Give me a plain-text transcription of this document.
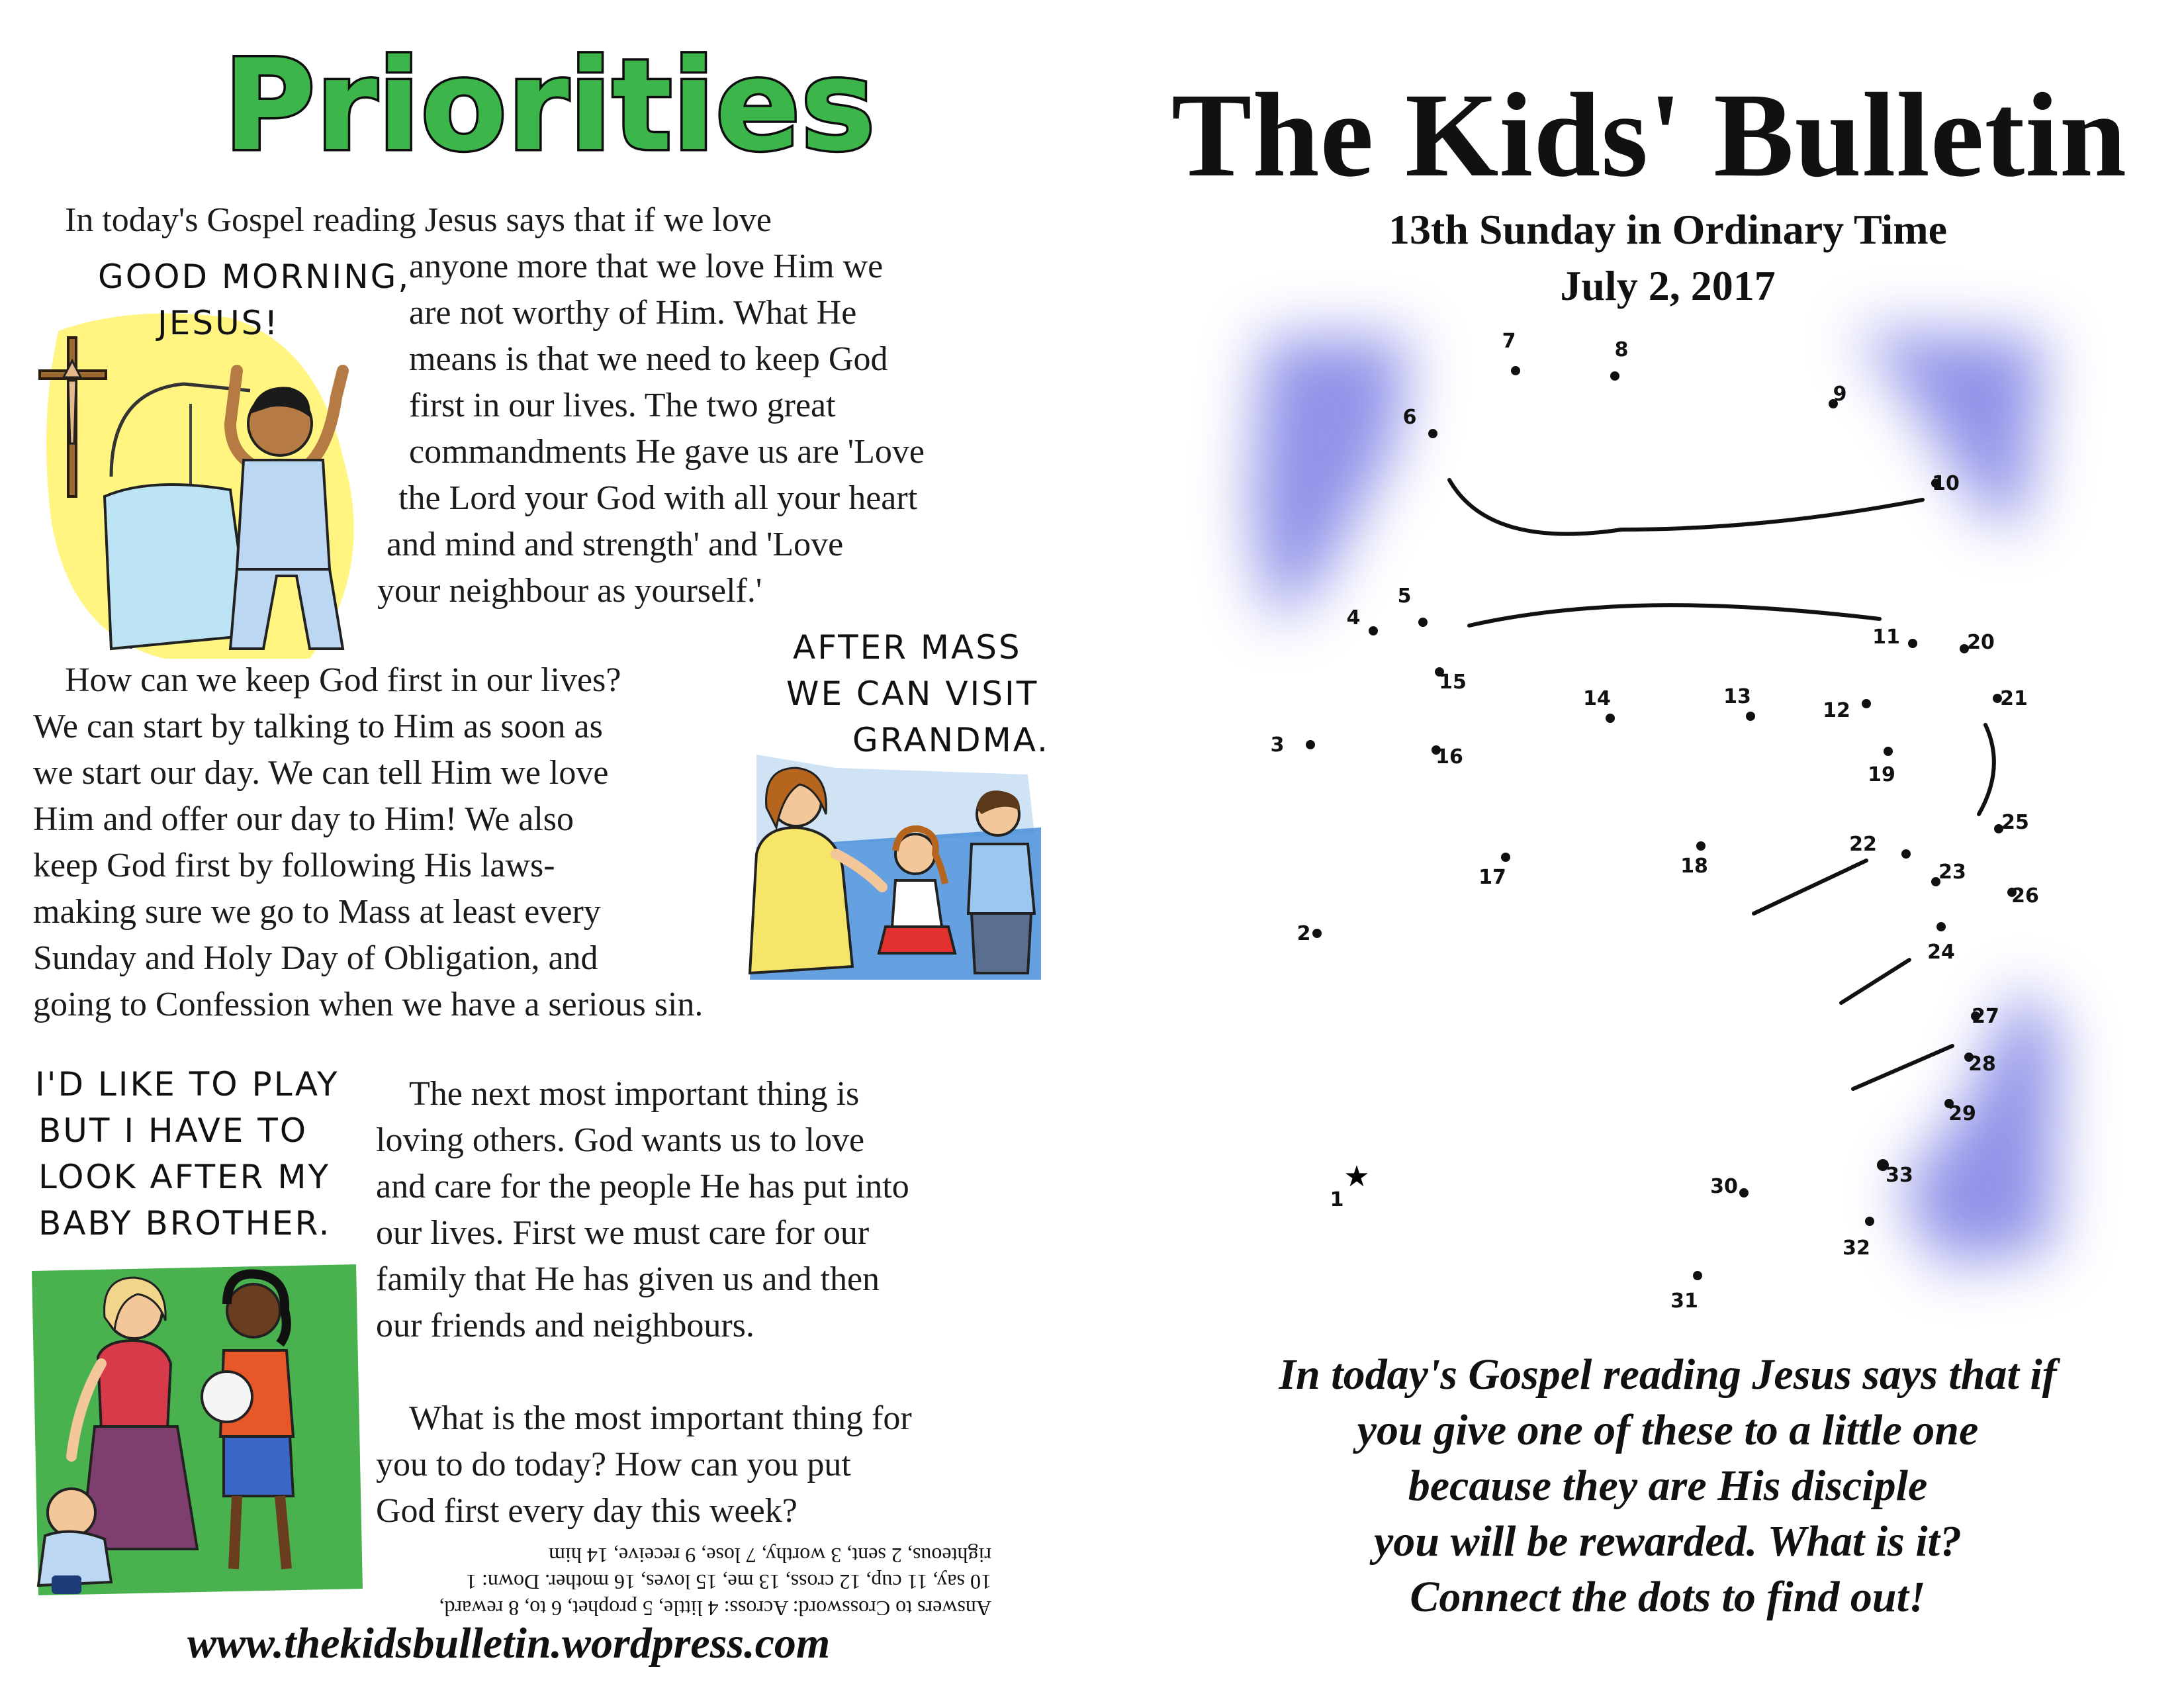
Priorities
In today's Gospel reading Jesus says that if we love
anyone more that we love Him we
are not worthy of Him. What He
means is that we need to keep God
first in our lives. The two great
commandments He gave us are 'Love
the Lord your God with all your heart
and mind and strength' and 'Love
your neighbour as yourself.'
GOOD MORNING,
JESUS!
How can we keep God first in our lives?
We can start by talking to Him as soon as
we start our day. We can tell Him we love
Him and offer our day to Him! We also
keep God first by following His laws-
making sure we go to Mass at least every
Sunday and Holy Day of Obligation, and
going to Confession when we have a serious sin.
AFTER MASS
WE CAN VISIT
GRANDMA.
I'D LIKE TO PLAY
BUT I HAVE TO
LOOK AFTER MY
BABY BROTHER.
The next most important thing is
loving others. God wants us to love
and care for the people He has put into
our lives. First we must care for our
family that He has given us and then
our friends and neighbours.
What is the most important thing for
you to do today? How can you put
God first every day this week?
Answers to Crossword: Across: 4 little, 5 prophet, 6 to, 8 reward,
10 say, 11 cup, 12 cross, 13 me, 15 loves, 16 mother. Down: 1
righteous, 2 sent, 3 worthy, 7 lose, 9 receive, 14 him
www.thekidsbulletin.wordpress.com
The Kids' Bulletin
13th Sunday in Ordinary Time
July 2, 2017
★
1
2
3
4
5
6
7	8
9
10
11
12
13
14
15
16
17	18
19
20
21
22
23
24
25
26
27
28
29
30
31
32
33
In today's Gospel reading Jesus says that if
you give one of these to a little one
because they are His disciple
you will be rewarded. What is it?
Connect the dots to find out!
